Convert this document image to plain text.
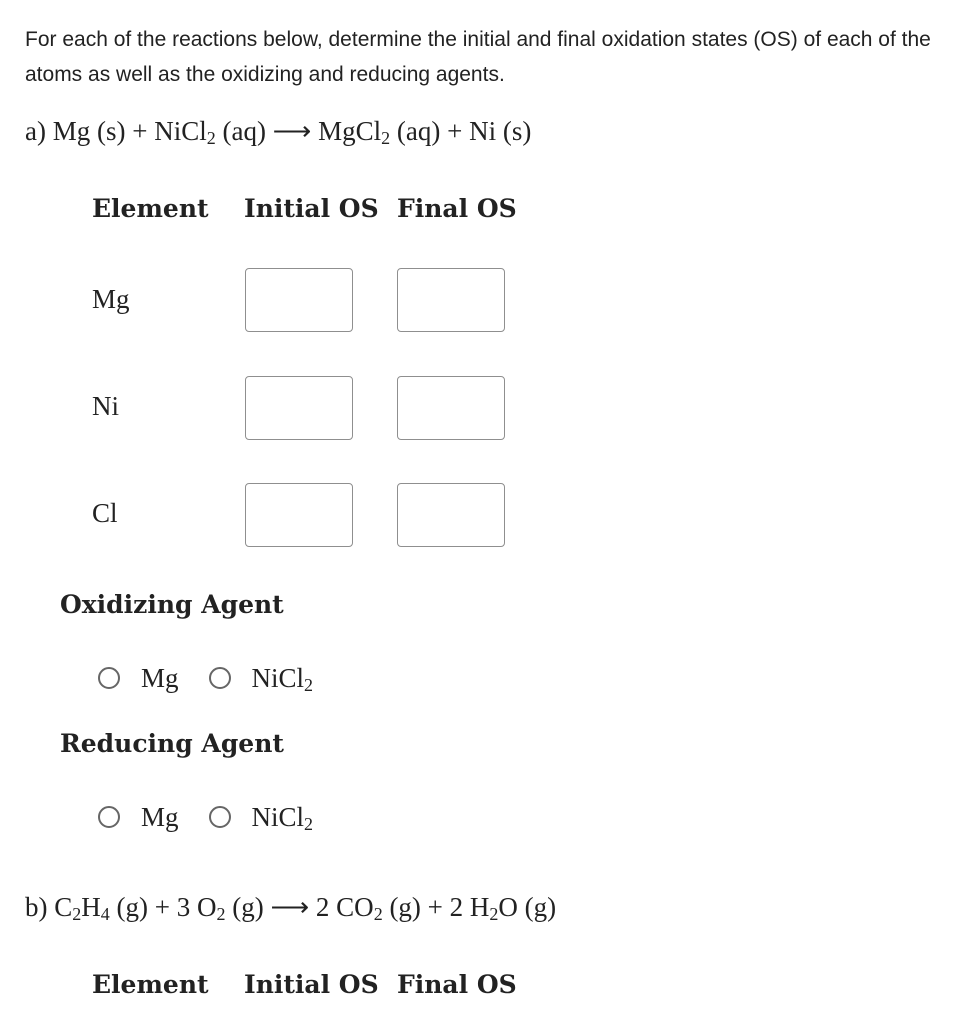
For each of the reactions below, determine the initial and final oxidation states (OS) of each of the atoms as well as the oxidizing and reducing agents.
a) Mg (s) + NiCl$_2$ (aq) ⟶ MgCl$_2$ (aq) + Ni (s)
Element Initial OS Final OS
Mg
Ni
Cl
Oxidizing Agent
Mg	NiCl$_2$
Reducing Agent
Mg	NiCl$_2$
b) $C_2H_4$ (g) + 3 $O_2$ (g) ⟶ 2 $CO_2$ (g) + 2 $H_2O$ (g)
Element Initial OS Final OS
